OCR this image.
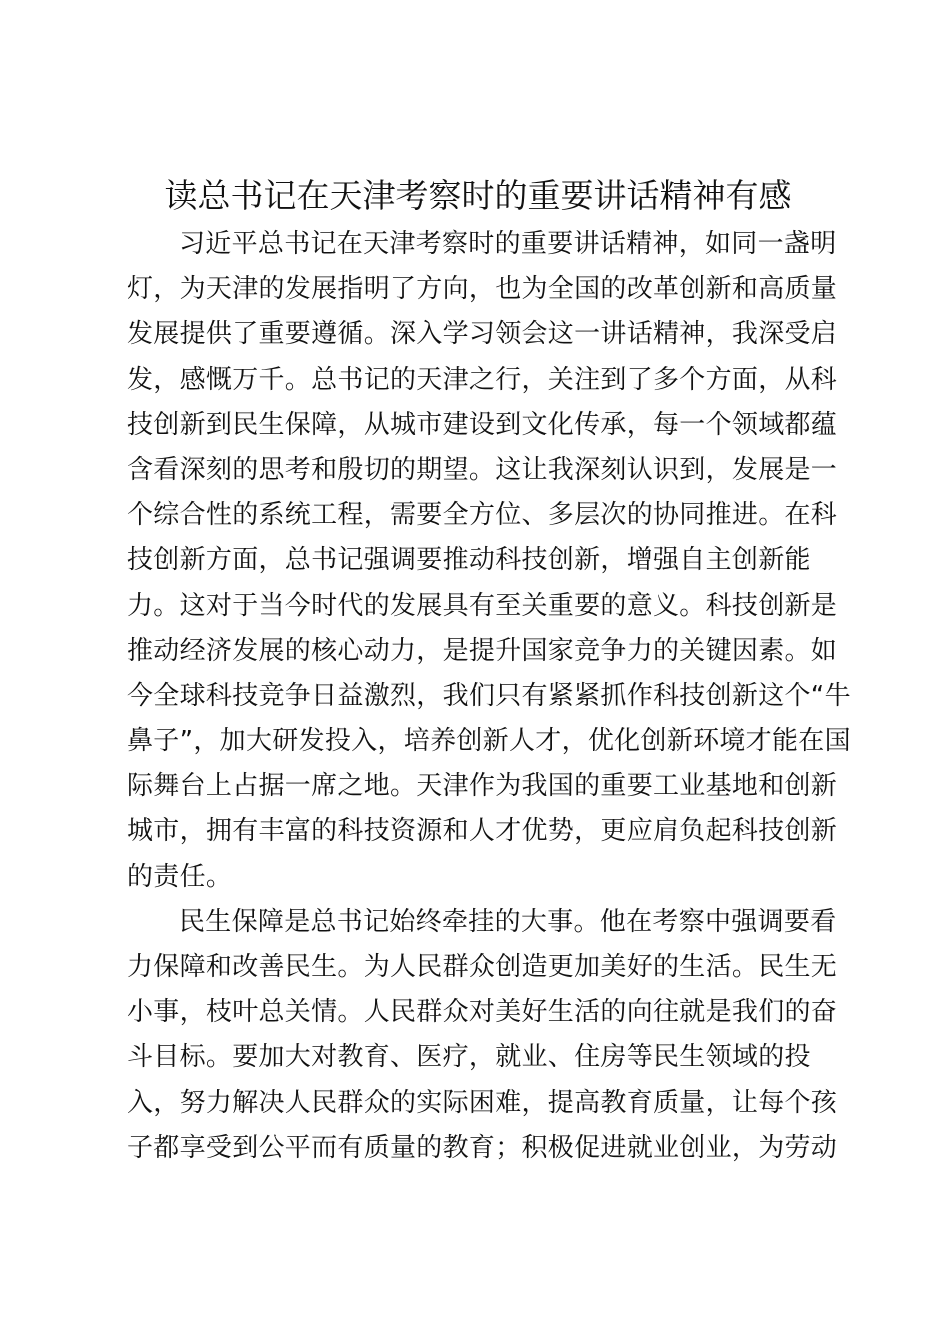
读总书记在天津考察时的重要讲话精神有感
习近平总书记在天津考察时的重要讲话精神，如同一盏明
灯，为天津的发展指明了方向，也为全国的改革创新和高质量
发展提供了重要遵循。深入学习领会这一讲话精神，我深受启
发，感慨万千。总书记的天津之行，关注到了多个方面，从科
技创新到民生保障，从城市建设到文化传承，每一个领域都蕴
含看深刻的思考和殷切的期望。这让我深刻认识到，发展是一
个综合性的系统工程，需要全方位、多层次的协同推进。在科
技创新方面，总书记强调要推动科技创新，增强自主创新能
力。这对于当今时代的发展具有至关重要的意义。科技创新是
推动经济发展的核心动力，是提升国家竞争力的关键因素。如
今全球科技竞争日益激烈，我们只有紧紧抓作科技创新这个“牛
鼻子”，加大研发投入，培养创新人才，优化创新环境才能在国
际舞台上占据一席之地。天津作为我国的重要工业基地和创新
城市，拥有丰富的科技资源和人才优势，更应肩负起科技创新
的责任。
民生保障是总书记始终牵挂的大事。他在考察中强调要看
力保障和改善民生。为人民群众创造更加美好的生活。民生无
小事，枝叶总关情。人民群众对美好生活的向往就是我们的奋
斗目标。要加大对教育、医疗，就业、住房等民生领域的投
入，努力解决人民群众的实际困难，提高教育质量，让每个孩
子都享受到公平而有质量的教育；积极促进就业创业，为劳动
